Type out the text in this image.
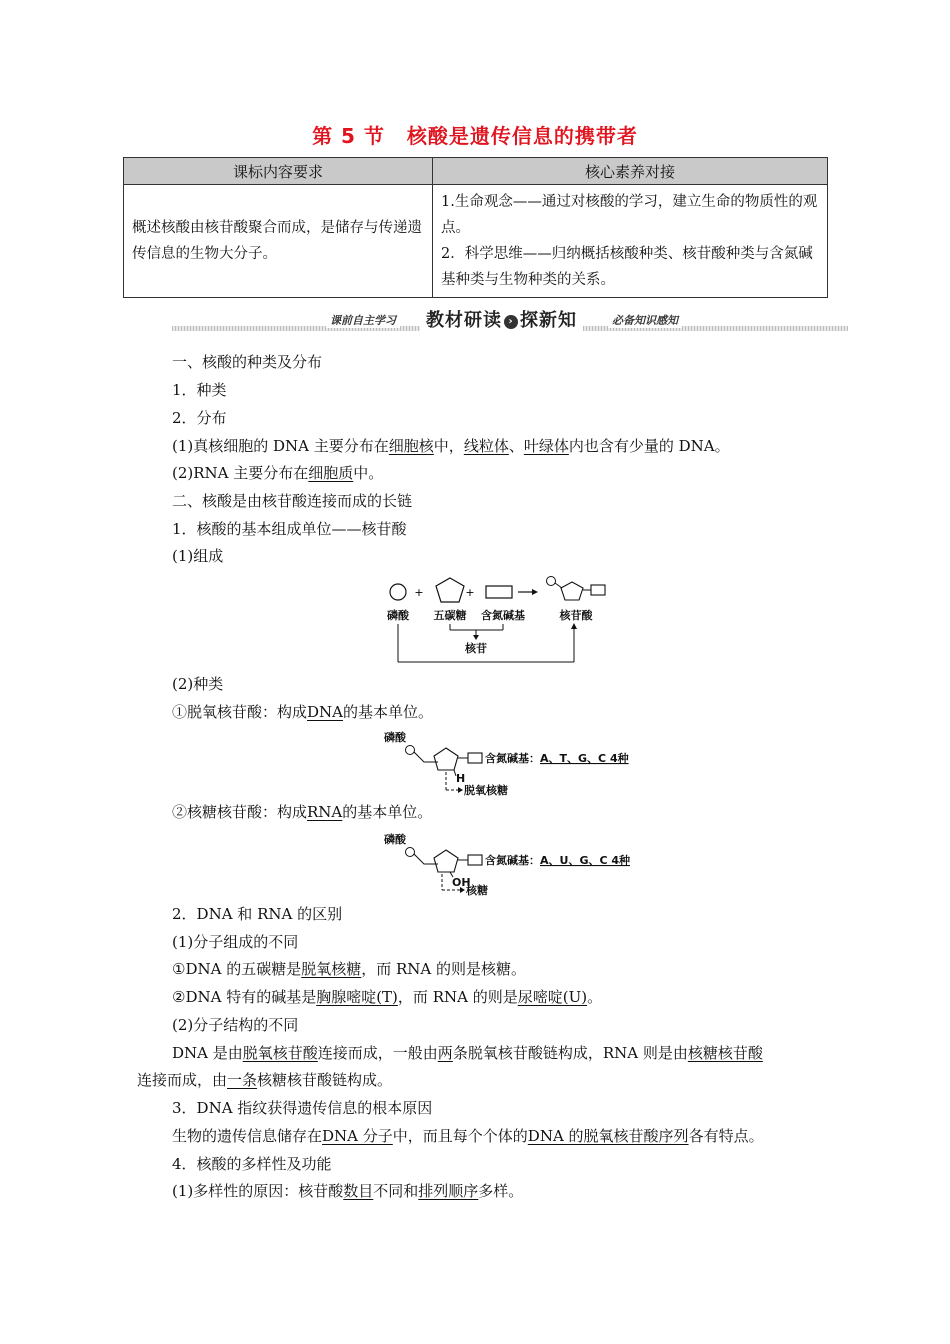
第 5 节 核酸是遗传信息的携带者
课标内容要求	核心素养对接
概述核酸由核苷酸聚合而成，是储存与传递遗传信息的生物大分子。	1.生命观念——通过对核酸的学习，建立生命的物质性的观点。

2．科学思维——归纳概括核酸种类、核苷酸种类与含氮碱基种类与生物种类的关系。

课前自主学习	教材研读 › 探新知	必备知识感知
一、核酸的种类及分布
1．种类
2．分布
(1)真核细胞的 DNA 主要分布在细胞核中，线粒体、叶绿体内也含有少量的 DNA。
(2)RNA 主要分布在细胞质中。
二、核酸是由核苷酸连接而成的长链
1．核酸的基本组成单位——核苷酸
(1)组成
(2)种类
①脱氧核苷酸：构成DNA的基本单位。
②核糖核苷酸：构成RNA的基本单位。
2．DNA 和 RNA 的区别
(1)分子组成的不同
①DNA 的五碳糖是脱氧核糖，而 RNA 的则是核糖。
②DNA 特有的碱基是胸腺嘧啶(T)，而 RNA 的则是尿嘧啶(U)。
(2)分子结构的不同
DNA 是由脱氧核苷酸连接而成，一般由两条脱氧核苷酸链构成，RNA 则是由核糖核苷酸
连接而成，由一条核糖核苷酸链构成。
3．DNA 指纹获得遗传信息的根本原因
生物的遗传信息储存在DNA 分子中，而且每个个体的DNA 的脱氧核苷酸序列各有特点。
4．核酸的多样性及功能
(1)多样性的原因：核苷酸数目不同和排列顺序多样。
+	+
磷酸 五碳糖 含氮碱基	核苷酸
核苷
磷酸
含氮碱基：A、T、G、C 4种
H
脱氧核糖
磷酸
含氮碱基：A、U、G、C 4种
OH
核糖
